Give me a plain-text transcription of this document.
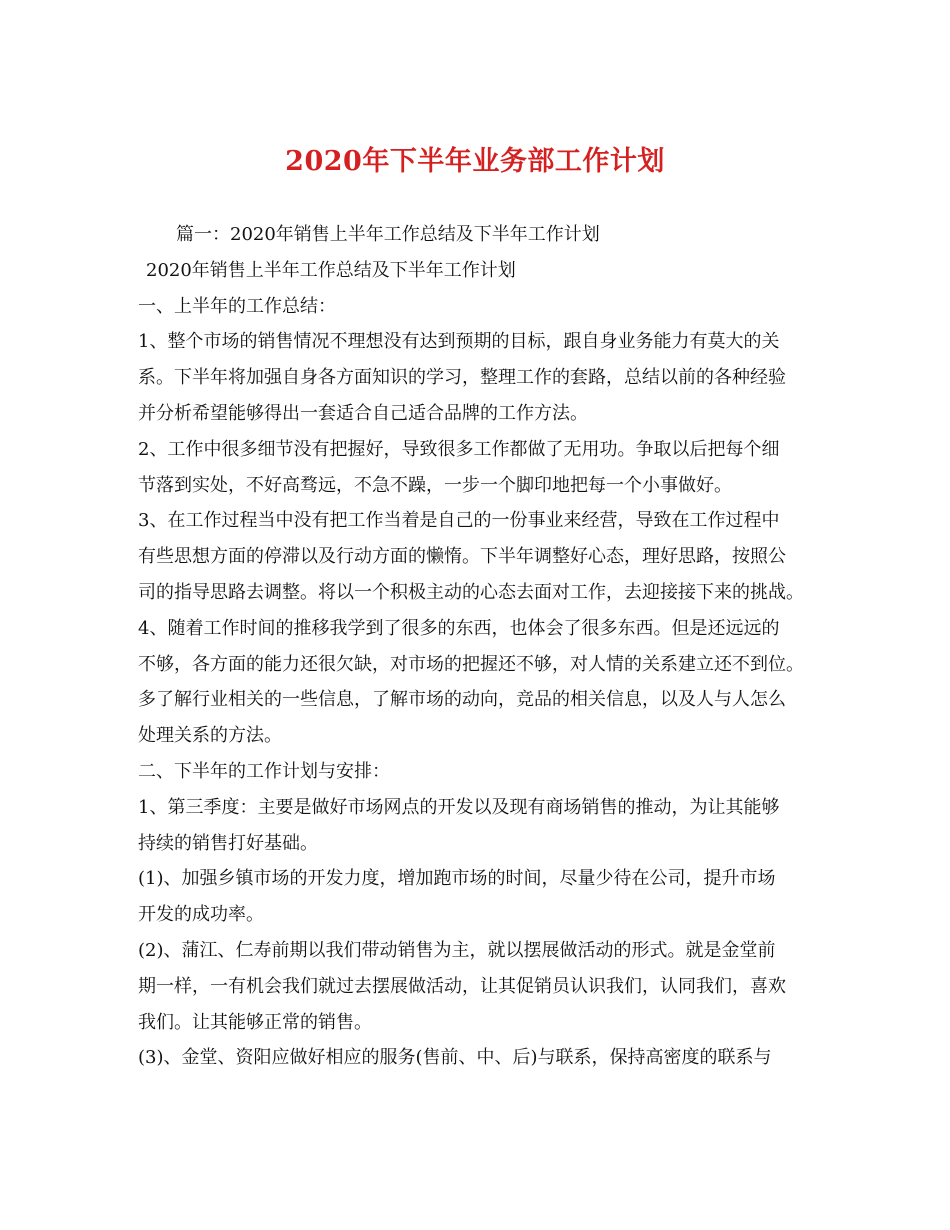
2020年下半年业务部工作计划
篇一：2020年销售上半年工作总结及下半年工作计划
2020年销售上半年工作总结及下半年工作计划
一、上半年的工作总结：
1、整个市场的销售情况不理想没有达到预期的目标，跟自身业务能力有莫大的关
系。下半年将加强自身各方面知识的学习，整理工作的套路，总结以前的各种经验
并分析希望能够得出一套适合自己适合品牌的工作方法。
2、工作中很多细节没有把握好，导致很多工作都做了无用功。争取以后把每个细
节落到实处，不好高骛远，不急不躁，一步一个脚印地把每一个小事做好。
3、在工作过程当中没有把工作当着是自己的一份事业来经营，导致在工作过程中
有些思想方面的停滞以及行动方面的懒惰。下半年调整好心态，理好思路，按照公
司的指导思路去调整。将以一个积极主动的心态去面对工作，去迎接接下来的挑战。
4、随着工作时间的推移我学到了很多的东西，也体会了很多东西。但是还远远的
不够，各方面的能力还很欠缺，对市场的把握还不够，对人情的关系建立还不到位。
多了解行业相关的一些信息，了解市场的动向，竞品的相关信息，以及人与人怎么
处理关系的方法。
二、下半年的工作计划与安排：
1、第三季度：主要是做好市场网点的开发以及现有商场销售的推动，为让其能够
持续的销售打好基础。
(1)、加强乡镇市场的开发力度，增加跑市场的时间，尽量少待在公司，提升市场
开发的成功率。
(2)、蒲江、仁寿前期以我们带动销售为主，就以摆展做活动的形式。就是金堂前
期一样，一有机会我们就过去摆展做活动，让其促销员认识我们，认同我们，喜欢
我们。让其能够正常的销售。
(3)、金堂、资阳应做好相应的服务(售前、中、后)与联系，保持高密度的联系与
